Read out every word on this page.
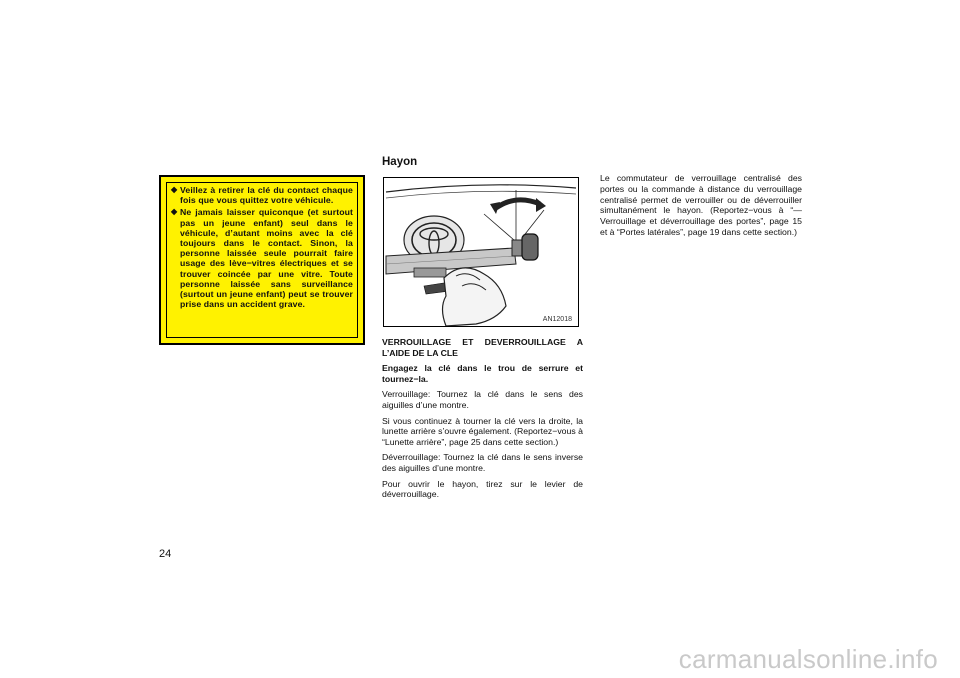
◆ Veillez à retirer la clé du contact chaque fois que vous quittez votre véhicule.
◆ Ne jamais laisser quiconque (et surtout pas un jeune enfant) seul dans le véhicule, d’autant moins avec la clé toujours dans le contact. Sinon, la personne laissée seule pourrait faire usage des lève−vitres électriques et se trouver coincée par une vitre. Toute personne laissée sans surveillance (surtout un jeune enfant) peut se trouver prise dans un accident grave.
Hayon
AN12018

VERROUILLAGE ET DEVERROUILLAGE A L’AIDE DE LA CLE

Engagez la clé dans le trou de serrure et tournez−la.

Verrouillage: Tournez la clé dans le sens des aiguilles d’une montre.

Si vous continuez à tourner la clé vers la droite, la lunette arrière s’ouvre également. (Reportez−vous à “Lunette arrière”, page 25 dans cette section.)

Déverrouillage: Tournez la clé dans le sens inverse des aiguilles d’une montre.

Pour ouvrir le hayon, tirez sur le levier de déverrouillage.

Le commutateur de verrouillage centralisé des portes ou la commande à distance du verrouillage centralisé permet de verrouiller ou de déverrouiller simultanément le hayon. (Reportez−vous à “—Verrouillage et déverrouillage des portes”, page 15 et à “Portes latérales”, page 19 dans cette section.)

24
carmanualsonline.info
